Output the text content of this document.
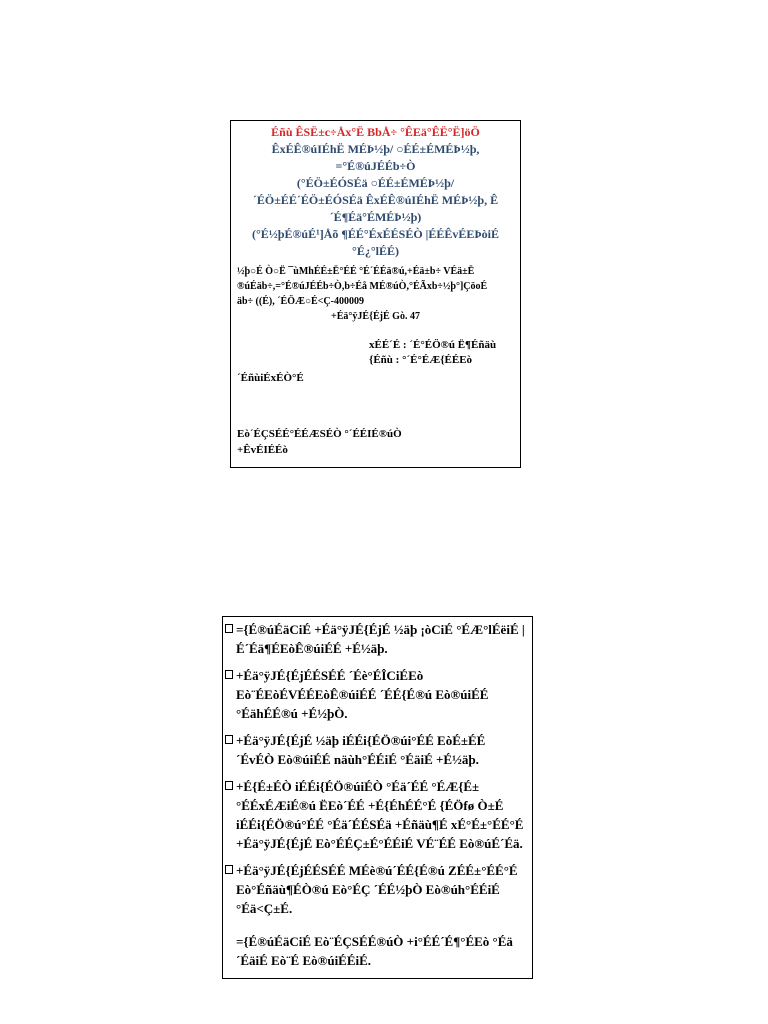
Éñù ÊSË±c÷Åx°Ë BbÅ÷ °ÊEä°ÊË°Ë]öÖ
ÊxÉÊ®úIÉhË MÉÞ½þ/ ○ÉÉ±ÉMÉÞ½þ,
=°É®úJÉÉb÷Ò
(°ÉÖ±ÉÓSÉä ○ÉÉ±ÉMÉÞ½þ/
´ÉÖ±ÉÉ´ÉÖ±ÉÓSÉä ÊxÉÊ®úIÉhË MÉÞ½þ, Ê
´É¶Éä°ÉMÉÞ½þ)
(°É½þÉ®úÉ¹]Åõ ¶ÉÉ°ÉxÉÉSÉÒ |ÉÉÊvÉEÞòiÉ
°É¿°lÉÉ)
½þ○É Ò○Ë ¯ùMhÉÉ±Ë°ÉÉ °É´ÉÉä®ú,+Éä±b÷ VÉä±Ë
®úÉäb÷,=°É®úJÉÉb÷Ò,b÷Éå MÉ®úÒ,°ÉÃxb÷½þ°]ÇöoÉ
äb÷ ((É), ´ÉÖÆ○É<Ç-400009
+Éä°ÿJÉ{ÉjÉ Gò. 47
xÉÉ´É : ´É°ÉÖ®ú Ë¶Éñäù
{Éñù : °´É°ÉÆ{ÉÉEò
´ÉñùiÉxÉÒ°É
Eò´ÉÇSÉÉ°ÉÉÆSÉÒ °´ÉÉIÉ®úÒ
+ÊvÉIÉÉò
={É®úÉäCiÉ +Éä°ÿJÉ{ÉjÉ ½äþ ¡òCiÉ °ÉÆ°lÉëiÉ |É´Éä¶ÉEòÊ®úiÉÉ +É½äþ.
+Éä°ÿJÉ{ÉjÉÉSÉÉ ´Éè°ÉÎCiÉEò Eò¨ÉEòÉVÉÉEòÊ®úiÉÉ ´ÉÉ{É®ú Eò®úiÉÉ °ÉähÉÉ®ú +É½þÒ.
+Éä°ÿJÉ{ÉjÉ ½äþ iÉÉi{ÉÖ®úi°ÉÉ EòÉ±ÉÉ ´ÉvÉÒ Eò®úiÉÉ näùh°ÉÉiÉ °ÉäiÉ +É½äþ.
+É{É±ÉÒ iÉÉi{ÉÖ®úiÉÒ °Éä´ÉÉ °ÉÆ{É±°ÉÉxÉÆiÉ®ú ËEò´ÉÉ +É{ÉhÉÉ°É {ÉÖfø Ò±É iÉÉi{ÉÖ®ú°ÉÉ °Éä´ÉÉSÉä +Éñäù¶É xÉ°É±°ÉÉ°É +Éä°ÿJÉ{ÉjÉ Eò°ÉÉÇ±É°ÉÉiÉ VÉ¨ÉÉ Eò®úÉ´Éä.
+Éä°ÿJÉ{ÉjÉÉSÉÉ MÉè®ú´ÉÉ{É®ú ZÉÉ±°ÉÉ°É Eò°Éñäù¶ÉÒ®ú Eò°ÉÇ ´ÉÉ½þÒ Eò®úh°ÉÉiÉ °Éä<Ç±É.
={É®úÉäCiÉ Eò¨ÉÇSÉÉ®úÒ +i°ÉÉ´É¶°ÉEò °Éä´ÉäiÉ Eò¨É Eò®úiÉÉiÉ.
